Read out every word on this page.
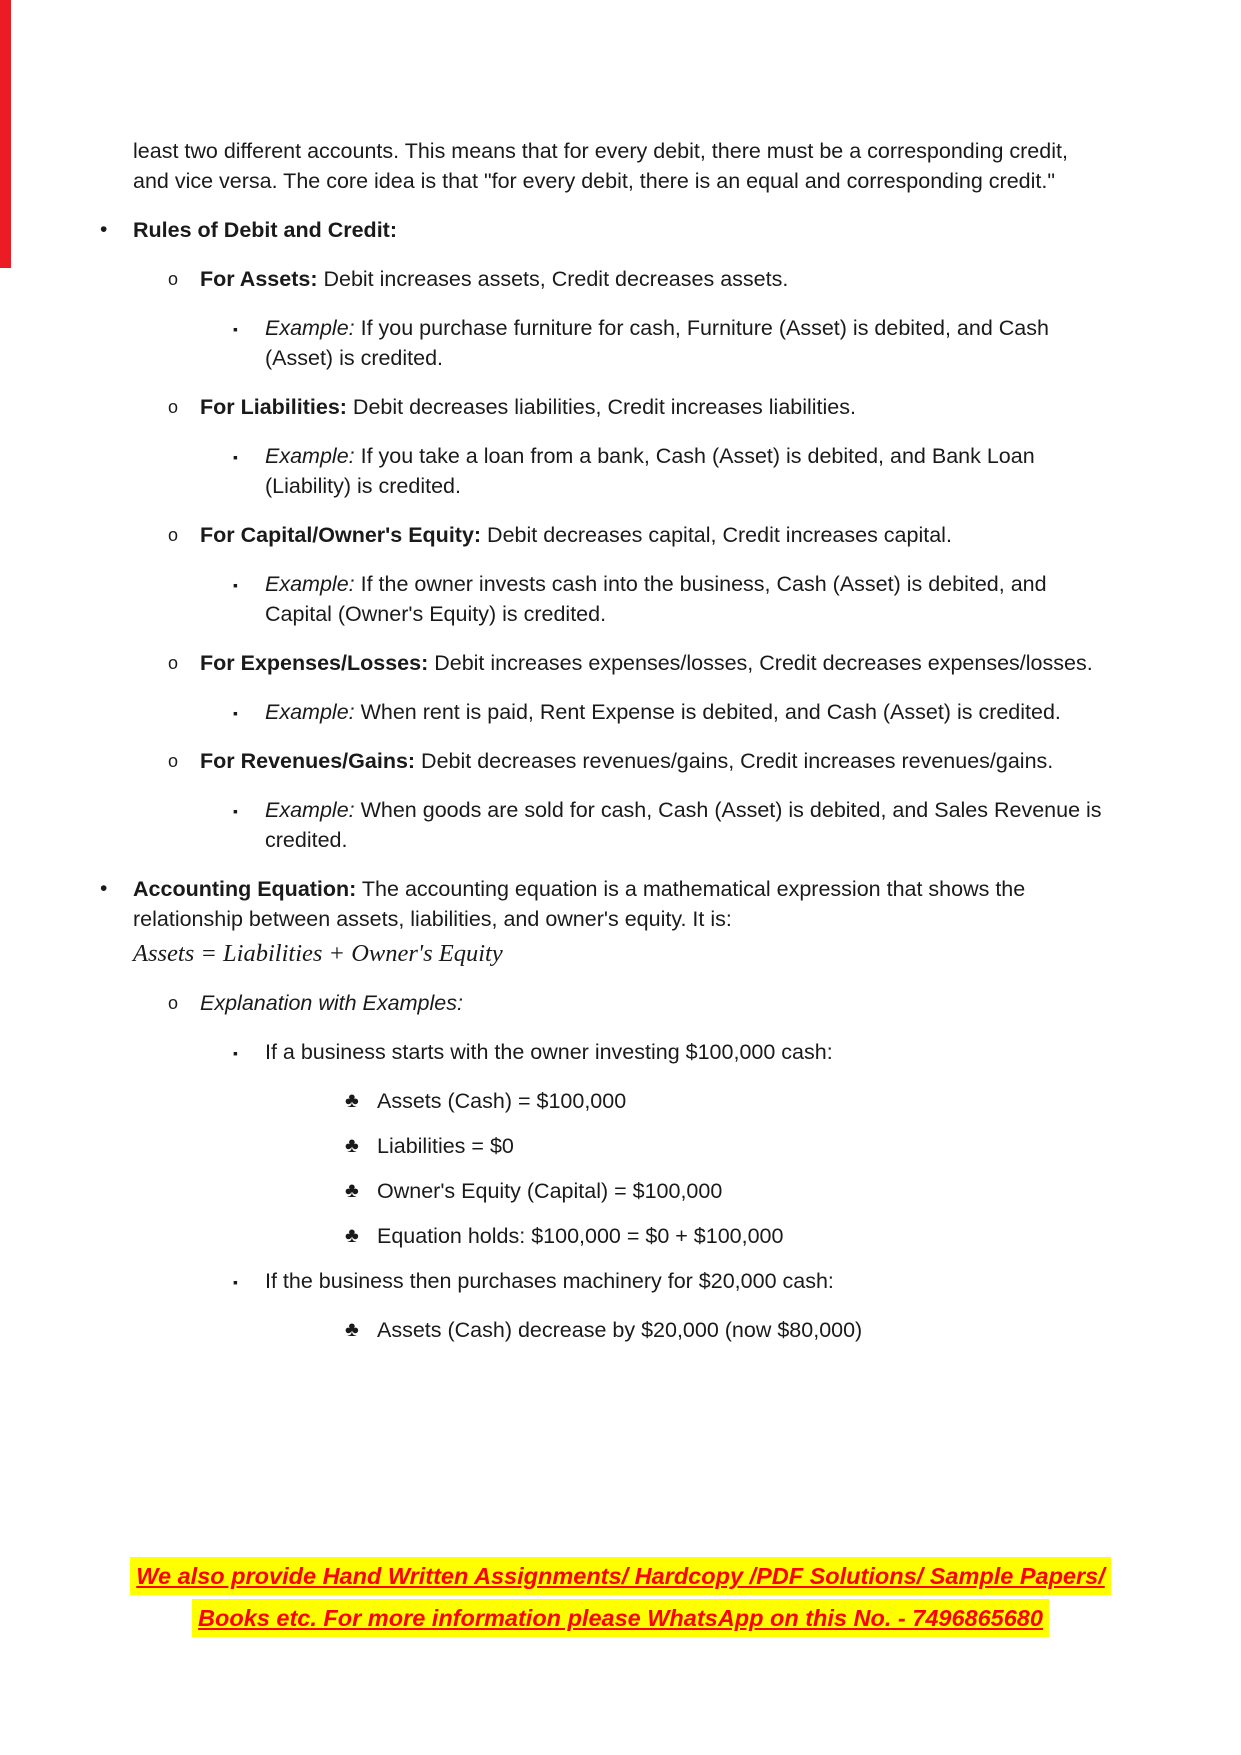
least two different accounts. This means that for every debit, there must be a corresponding credit, and vice versa. The core idea is that "for every debit, there is an equal and corresponding credit."
•	Rules of Debit and Credit:
o	For Assets: Debit increases assets, Credit decreases assets.
▪	Example: If you purchase furniture for cash, Furniture (Asset) is debited, and Cash (Asset) is credited.
o	For Liabilities: Debit decreases liabilities, Credit increases liabilities.
▪	Example: If you take a loan from a bank, Cash (Asset) is debited, and Bank Loan (Liability) is credited.
o	For Capital/Owner's Equity: Debit decreases capital, Credit increases capital.
▪	Example: If the owner invests cash into the business, Cash (Asset) is debited, and Capital (Owner's Equity) is credited.
o	For Expenses/Losses: Debit increases expenses/losses, Credit decreases expenses/losses.
▪	Example: When rent is paid, Rent Expense is debited, and Cash (Asset) is credited.
o	For Revenues/Gains: Debit decreases revenues/gains, Credit increases revenues/gains.
▪	Example: When goods are sold for cash, Cash (Asset) is debited, and Sales Revenue is credited.
•	Accounting Equation: The accounting equation is a mathematical expression that shows the relationship between assets, liabilities, and owner's equity. It is:
Assets = Liabilities + Owner's Equity
o	Explanation with Examples:
▪	If a business starts with the owner investing $100,000 cash:
♣ Assets (Cash) = $100,000
♣ Liabilities = $0
♣ Owner's Equity (Capital) = $100,000
♣ Equation holds: $100,000 = $0 + $100,000
▪	If the business then purchases machinery for $20,000 cash:
♣ Assets (Cash) decrease by $20,000 (now $80,000)
We also provide Hand Written Assignments/ Hardcopy /PDF Solutions/ Sample Papers/
Books etc. For more information please WhatsApp on this No. - 7496865680
